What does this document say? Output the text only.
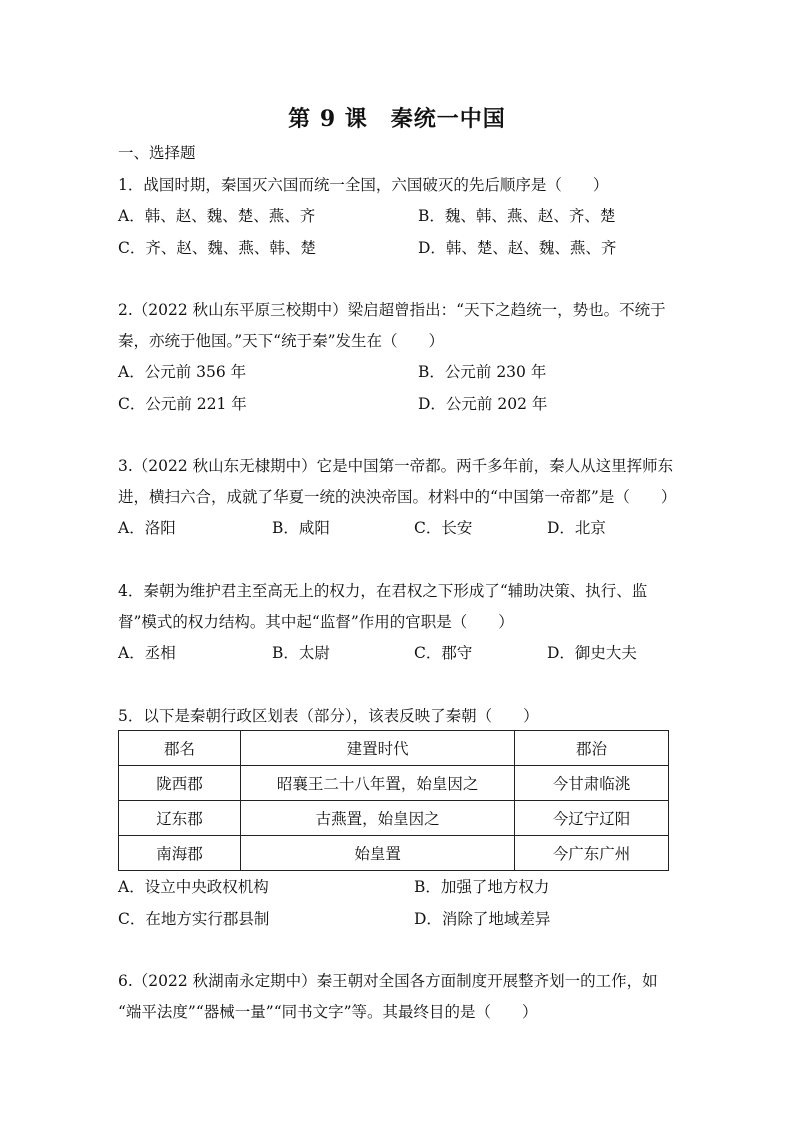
第 9 课　秦统一中国
一、选择题
1．战国时期，秦国灭六国而统一全国，六国破灭的先后顺序是（　　）
A．韩、赵、魏、楚、燕、齐	B．魏、韩、燕、赵、齐、楚
C．齐、赵、魏、燕、韩、楚	D．韩、楚、赵、魏、燕、齐
2.（2022 秋山东平原三校期中）梁启超曾指出：“天下之趋统一，势也。不统于
秦，亦统于他国。”天下“统于秦”发生在（　　）
A．公元前 356 年	B．公元前 230 年
C．公元前 221 年	D．公元前 202 年
3.（2022 秋山东无棣期中）它是中国第一帝都。两千多年前，秦人从这里挥师东
进，横扫六合，成就了华夏一统的泱泱帝国。材料中的“中国第一帝都”是（　　）
A．洛阳	B．咸阳	C．长安	D．北京
4．秦朝为维护君主至高无上的权力，在君权之下形成了“辅助决策、执行、监
督”模式的权力结构。其中起“监督”作用的官职是（　　）
A．丞相	B．太尉	C．郡守	D．御史大夫
5．以下是秦朝行政区划表（部分），该表反映了秦朝（　　）
郡名	建置时代	郡治
陇西郡	昭襄王二十八年置，始皇因之	今甘肃临洮
辽东郡	古燕置，始皇因之	今辽宁辽阳
南海郡	始皇置	今广东广州
A．设立中央政权机构	B．加强了地方权力
C．在地方实行郡县制	D．消除了地域差异
6.（2022 秋湖南永定期中）秦王朝对全国各方面制度开展整齐划一的工作，如
“端平法度”“器械一量”“同书文字”等。其最终目的是（　　）
